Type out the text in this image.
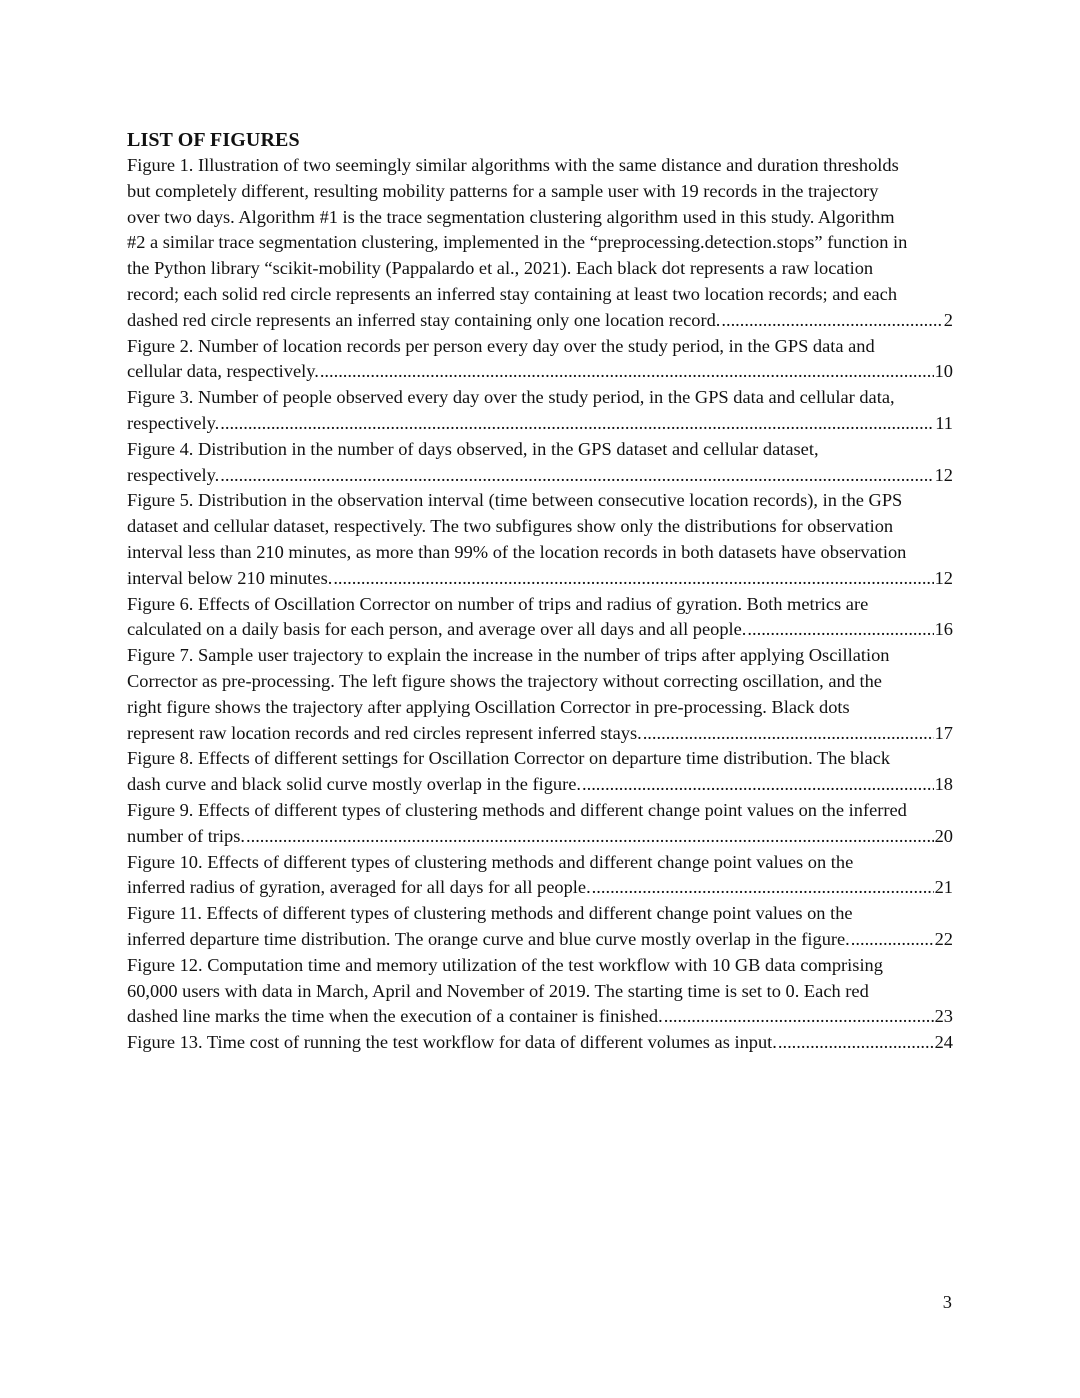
LIST OF FIGURES
Figure 1. Illustration of two seemingly similar algorithms with the same distance and duration thresholds
but completely different, resulting mobility patterns for a sample user with 19 records in the trajectory
over two days. Algorithm #1 is the trace segmentation clustering algorithm used in this study. Algorithm
#2 a similar trace segmentation clustering, implemented in the “preprocessing.detection.stops” function in
the Python library “scikit-mobility (Pappalardo et al., 2021). Each black dot represents a raw location
record; each solid red circle represents an inferred stay containing at least two location records; and each
dashed red circle represents an inferred stay containing only one location record. .....	2
Figure 2. Number of location records per person every day over the study period, in the GPS data and
cellular data, respectively. .....	10
Figure 3. Number of people observed every day over the study period, in the GPS data and cellular data,
respectively. .....	11
Figure 4. Distribution in the number of days observed, in the GPS dataset and cellular dataset,
respectively. .....	12
Figure 5. Distribution in the observation interval (time between consecutive location records), in the GPS
dataset and cellular dataset, respectively. The two subfigures show only the distributions for observation
interval less than 210 minutes, as more than 99% of the location records in both datasets have observation
interval below 210 minutes. .....	12
Figure 6. Effects of Oscillation Corrector on number of trips and radius of gyration. Both metrics are
calculated on a daily basis for each person, and average over all days and all people. .....	16
Figure 7. Sample user trajectory to explain the increase in the number of trips after applying Oscillation
Corrector as pre-processing. The left figure shows the trajectory without correcting oscillation, and the
right figure shows the trajectory after applying Oscillation Corrector in pre-processing. Black dots
represent raw location records and red circles represent inferred stays. .....	17
Figure 8. Effects of different settings for Oscillation Corrector on departure time distribution. The black
dash curve and black solid curve mostly overlap in the figure. .....	18
Figure 9. Effects of different types of clustering methods and different change point values on the inferred
number of trips. .....	20
Figure 10. Effects of different types of clustering methods and different change point values on the
inferred radius of gyration, averaged for all days for all people. .....	21
Figure 11. Effects of different types of clustering methods and different change point values on the
inferred departure time distribution. The orange curve and blue curve mostly overlap in the figure. .....	22
Figure 12. Computation time and memory utilization of the test workflow with 10 GB data comprising
60,000 users with data in March, April and November of 2019. The starting time is set to 0. Each red
dashed line marks the time when the execution of a container is finished. .....	23
Figure 13. Time cost of running the test workflow for data of different volumes as input. .....	24
3
